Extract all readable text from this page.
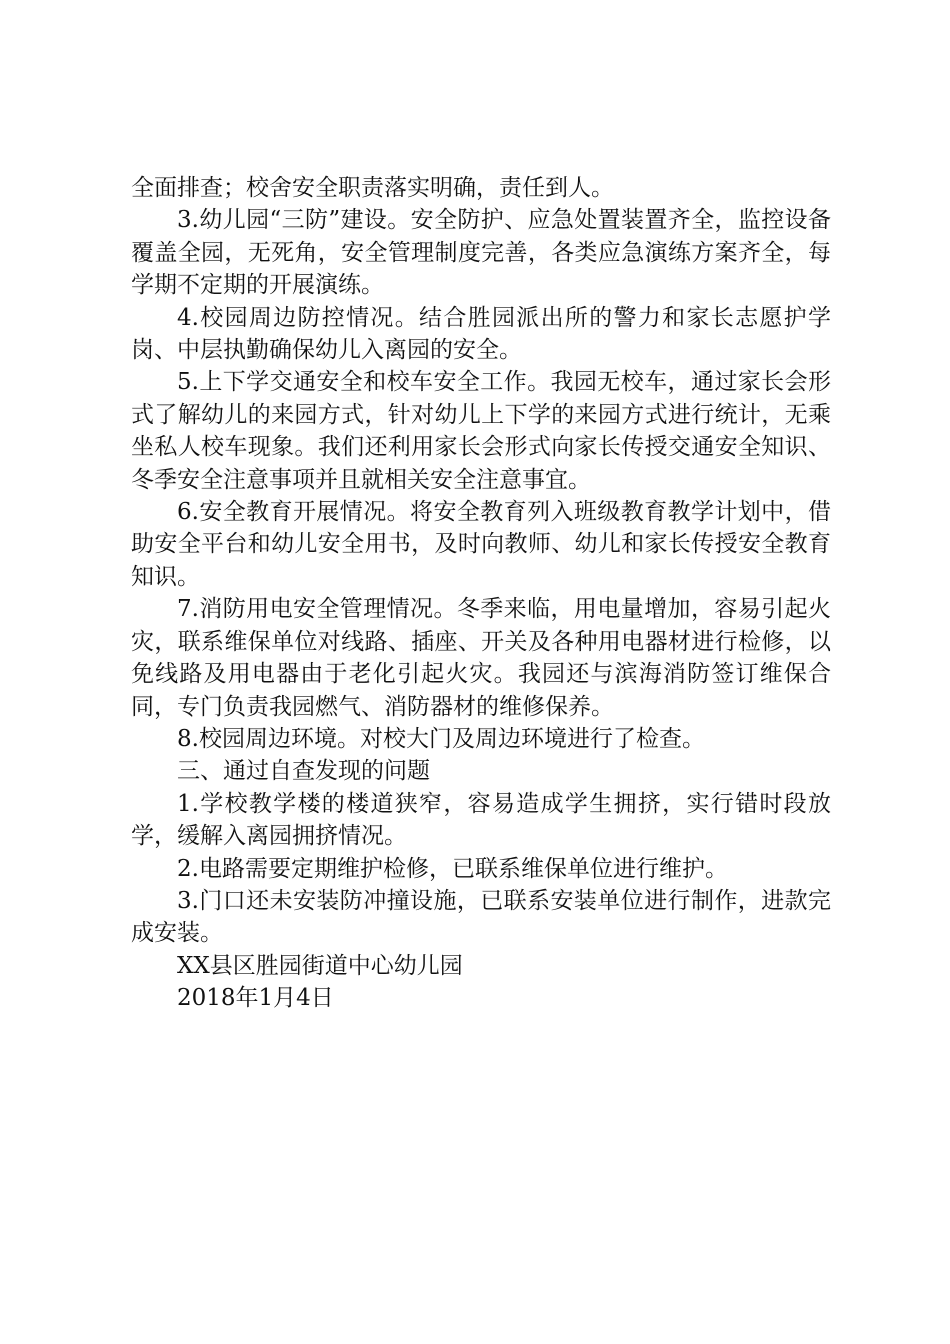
全面排查；校舍安全职责落实明确，责任到人。

3.幼儿园“三防”建设。安全防护、应急处置装置齐全，监控设备覆盖全园，无死角，安全管理制度完善，各类应急演练方案齐全，每学期不定期的开展演练。

4.校园周边防控情况。结合胜园派出所的警力和家长志愿护学岗、中层执勤确保幼儿入离园的安全。

5.上下学交通安全和校车安全工作。我园无校车，通过家长会形式了解幼儿的来园方式，针对幼儿上下学的来园方式进行统计，无乘坐私人校车现象。我们还利用家长会形式向家长传授交通安全知识、冬季安全注意事项并且就相关安全注意事宜。

6.安全教育开展情况。将安全教育列入班级教育教学计划中，借助安全平台和幼儿安全用书，及时向教师、幼儿和家长传授安全教育知识。

7.消防用电安全管理情况。冬季来临，用电量增加，容易引起火灾，联系维保单位对线路、插座、开关及各种用电器材进行检修，以免线路及用电器由于老化引起火灾。我园还与滨海消防签订维保合同，专门负责我园燃气、消防器材的维修保养。

8.校园周边环境。对校大门及周边环境进行了检查。

三、通过自查发现的问题

1.学校教学楼的楼道狭窄，容易造成学生拥挤，实行错时段放学，缓解入离园拥挤情况。

2.电路需要定期维护检修，已联系维保单位进行维护。

3.门口还未安装防冲撞设施，已联系安装单位进行制作，进款完成安装。

XX县区胜园街道中心幼儿园

2018年1月4日
